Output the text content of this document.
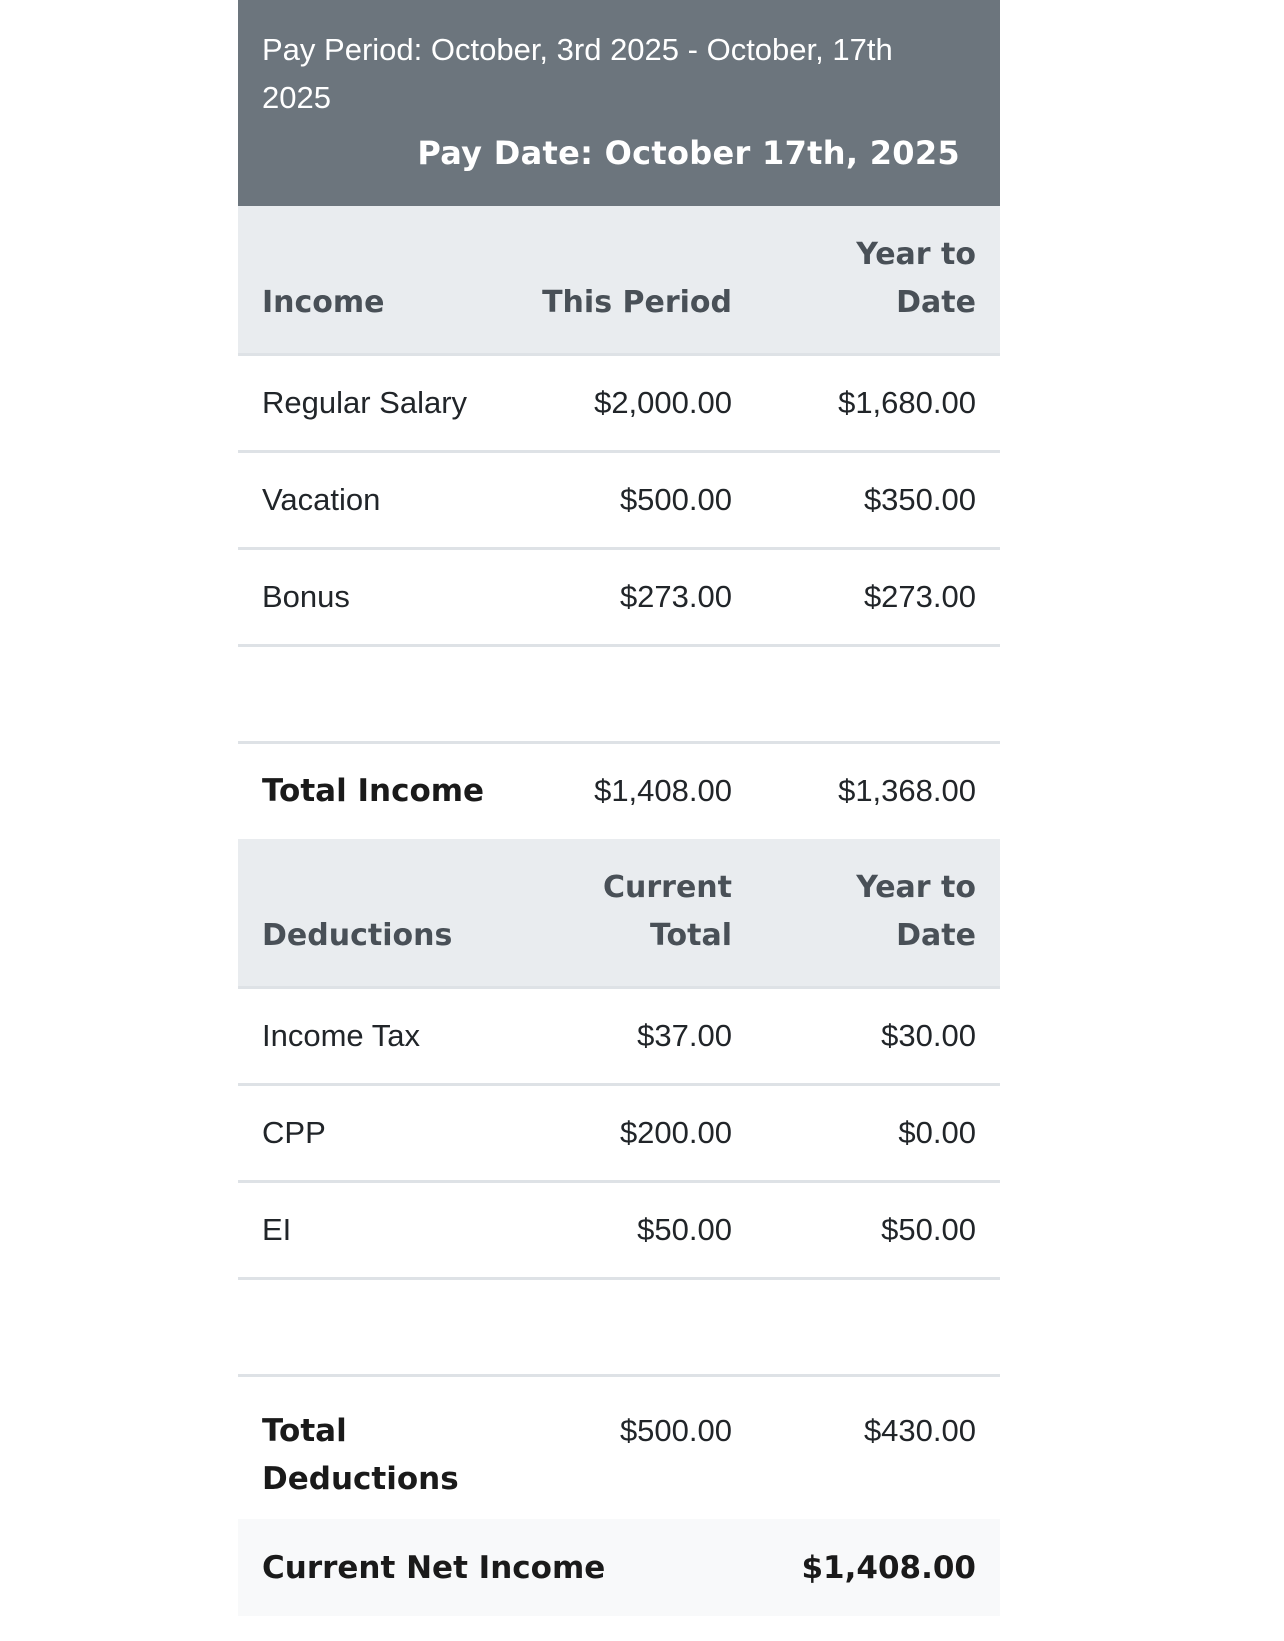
Pay Period: October, 3rd 2025 - October, 17th 2025
Pay Date: October 17th, 2025
Income	This Period	Year to Date
Regular Salary	$2,000.00	$1,680.00
Vacation	$500.00	$350.00
Bonus	$273.00	$273.00

Total Income	$1,408.00	$1,368.00
Deductions	Current Total	Year to Date
Income Tax	$37.00	$30.00
CPP	$200.00	$0.00
EI	$50.00	$50.00

Total Deductions	$500.00	$430.00
Current Net Income		$1,408.00
